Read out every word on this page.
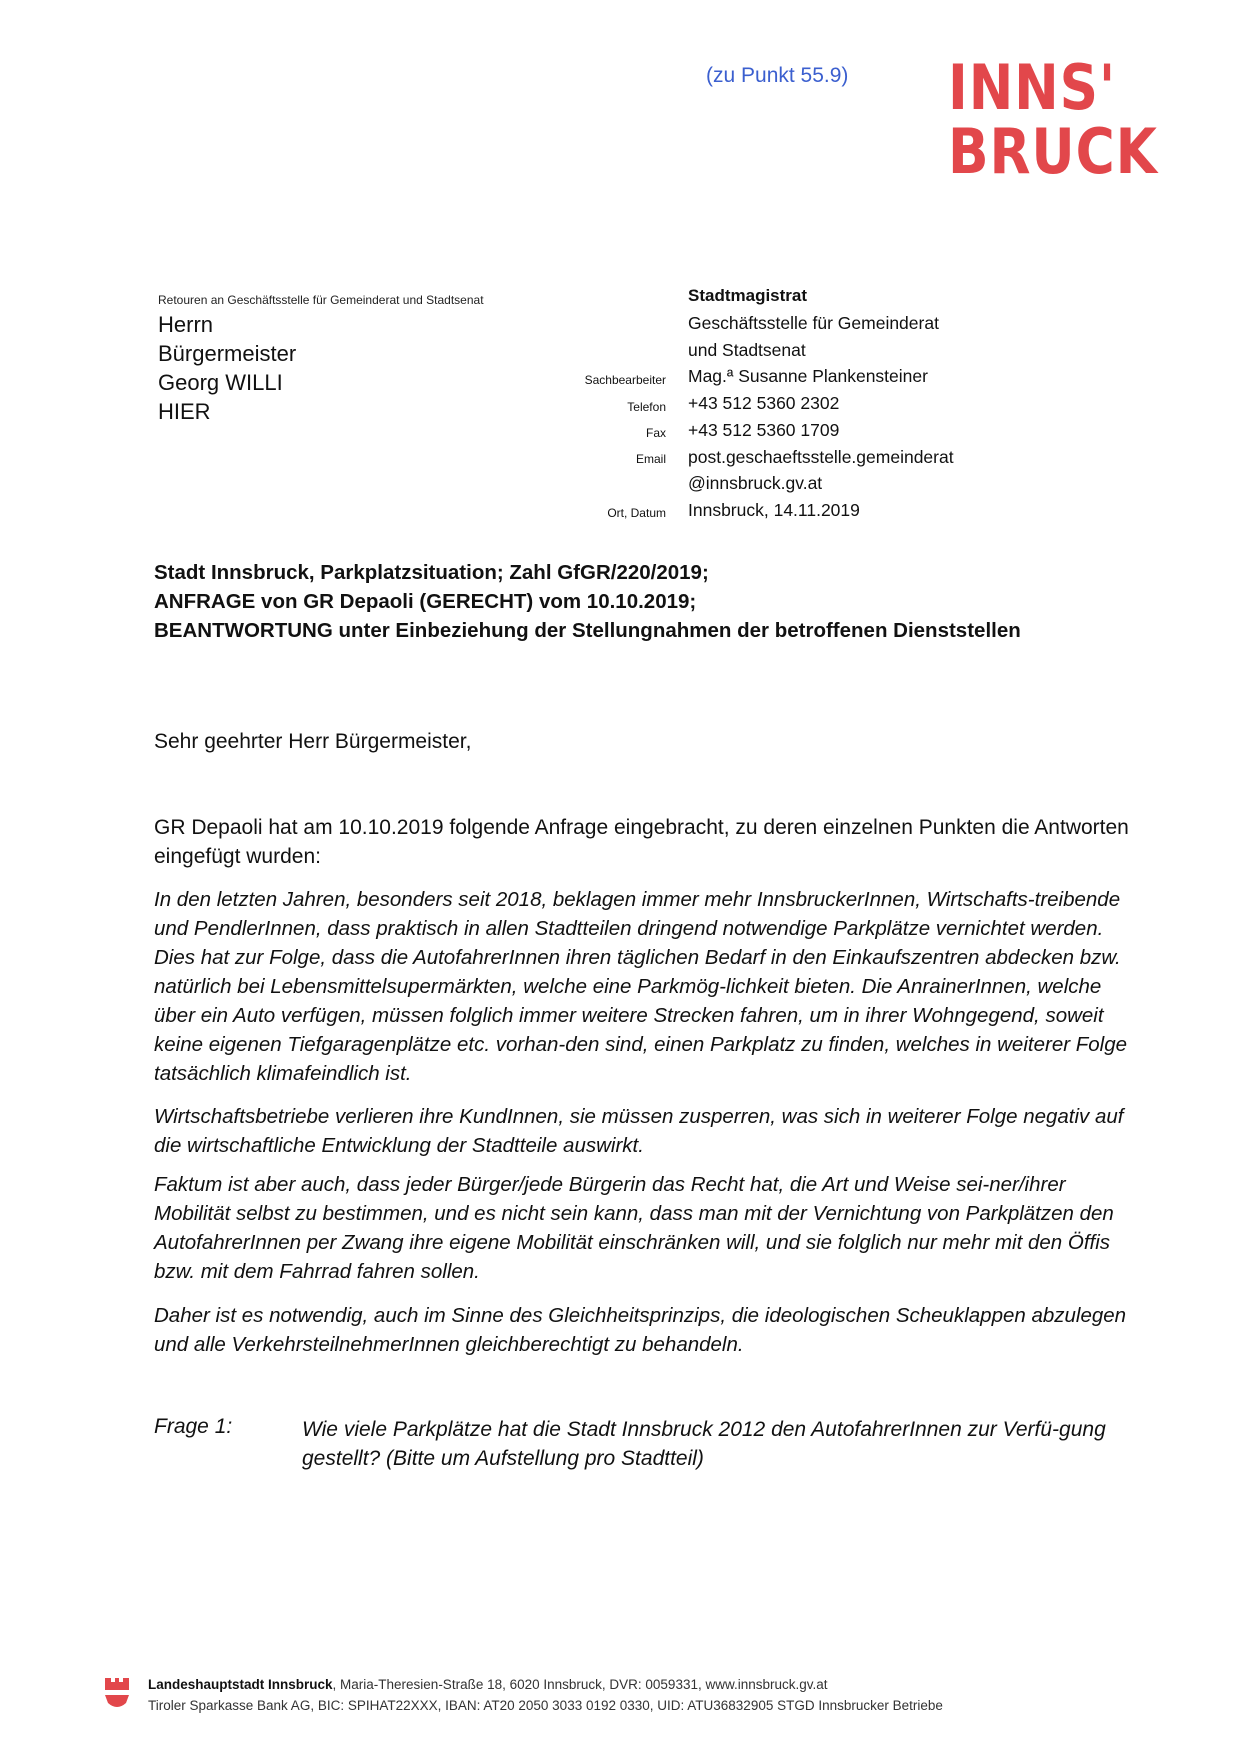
(zu Punkt 55.9) INNS'
BRUCK
Retouren an Geschäftsstelle für Gemeinderat und Stadtsenat
Herrn
Bürgermeister
Georg WILLI
HIER
Stadtmagistrat
Geschäftsstelle für Gemeinderat
und Stadtsenat
Mag.ª Susanne Plankensteiner
+43 512 5360 2302
+43 512 5360 1709
post.geschaeftsstelle.gemeinderat
@innsbruck.gv.at
Innsbruck, 14.11.2019
Sachbearbeiter
Telefon
Fax
Email
Ort, Datum
Stadt Innsbruck, Parkplatzsituation; Zahl GfGR/220/2019;
ANFRAGE von GR Depaoli (GERECHT) vom 10.10.2019;
BEANTWORTUNG unter Einbeziehung der Stellungnahmen der betroffenen Dienststellen
Sehr geehrter Herr Bürgermeister,
GR Depaoli hat am 10.10.2019 folgende Anfrage eingebracht, zu deren einzelnen Punkten die Antworten eingefügt wurden:
In den letzten Jahren, besonders seit 2018, beklagen immer mehr InnsbruckerInnen, Wirtschafts-treibende und PendlerInnen, dass praktisch in allen Stadtteilen dringend notwendige Parkplätze vernichtet werden. Dies hat zur Folge, dass die AutofahrerInnen ihren täglichen Bedarf in den Einkaufszentren abdecken bzw. natürlich bei Lebensmittelsupermärkten, welche eine Parkmög-lichkeit bieten. Die AnrainerInnen, welche über ein Auto verfügen, müssen folglich immer weitere Strecken fahren, um in ihrer Wohngegend, soweit keine eigenen Tiefgaragenplätze etc. vorhan-den sind, einen Parkplatz zu finden, welches in weiterer Folge tatsächlich klimafeindlich ist.
Wirtschaftsbetriebe verlieren ihre KundInnen, sie müssen zusperren, was sich in weiterer Folge negativ auf die wirtschaftliche Entwicklung der Stadtteile auswirkt.
Faktum ist aber auch, dass jeder Bürger/jede Bürgerin das Recht hat, die Art und Weise sei-ner/ihrer Mobilität selbst zu bestimmen, und es nicht sein kann, dass man mit der Vernichtung von Parkplätzen den AutofahrerInnen per Zwang ihre eigene Mobilität einschränken will, und sie folglich nur mehr mit den Öffis bzw. mit dem Fahrrad fahren sollen.
Daher ist es notwendig, auch im Sinne des Gleichheitsprinzips, die ideologischen Scheuklappen abzulegen und alle VerkehrsteilnehmerInnen gleichberechtigt zu behandeln.
Frage 1:	Wie viele Parkplätze hat die Stadt Innsbruck 2012 den AutofahrerInnen zur Verfü-gung gestellt? (Bitte um Aufstellung pro Stadtteil)
Landeshauptstadt Innsbruck, Maria-Theresien-Straße 18, 6020 Innsbruck, DVR: 0059331, www.innsbruck.gv.at
Tiroler Sparkasse Bank AG, BIC: SPIHAT22XXX, IBAN: AT20 2050 3033 0192 0330, UID: ATU36832905 STGD Innsbrucker Betriebe
